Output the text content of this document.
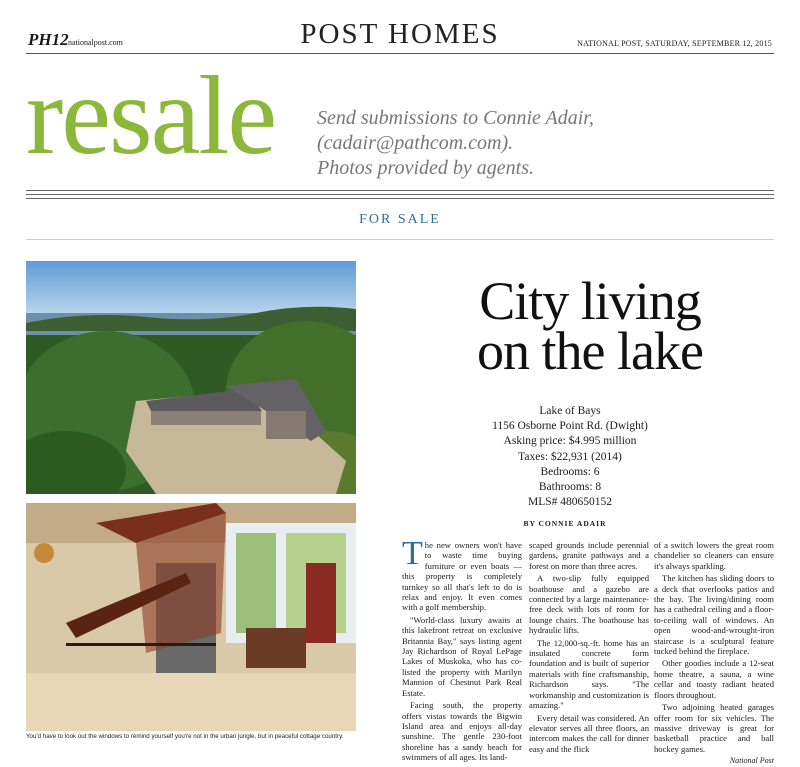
PH12 nationalpost.com	POST HOMES	NATIONAL POST, SATURDAY, SEPTEMBER 12, 2015
resale Send submissions to Connie Adair,
(cadair@pathcom.com).
Photos provided by agents.
FOR SALE
You'd have to look out the windows to remind yourself you're not in the urban jungle, but in peaceful cottage country.
City living
on the lake
Lake of Bays
1156 Osborne Point Rd. (Dwight)
Asking price: $4.995 million
Taxes: $22,931 (2014)
Bedrooms: 6
Bathrooms: 8
MLS# 480650152
BY CONNIE ADAIR

The new owners won't have to waste time buying furniture or even boats — this property is completely turnkey so all that's left to do is relax and enjoy. It even comes with a golf membership.

"World-class luxury awaits at this lakefront retreat on exclusive Britannia Bay," says listing agent Jay Richardson of Royal LePage Lakes of Muskoka, who has co-listed the property with Marilyn Mannion of Chestnut Park Real Estate.

Facing south, the property offers vistas towards the Bigwin Island area and enjoys all-day sunshine. The gentle 230-foot shoreline has a sandy beach for swimmers of all ages. Its land-

scaped grounds include perennial gardens, granite pathways and a forest on more than three acres.

A two-slip fully equipped boathouse and a gazebo are connected by a large maintenance-free deck with lots of room for lounge chairs. The boathouse has hydraulic lifts.

The 12,000-sq.-ft. home has an insulated concrete form foundation and is built of superior materials with fine craftsmanship, Richardson says. "The workmanship and customization is amazing."

Every detail was considered. An elevator serves all three floors, an intercom makes the call for dinner easy and the flick

of a switch lowers the great room chandelier so cleaners can ensure it's always sparkling.

The kitchen has sliding doors to a deck that overlooks patios and the bay. The living/dining room has a cathedral ceiling and a floor-to-ceiling wall of windows. An open wood-and-wrought-iron staircase is a sculptural feature tucked behind the fireplace.

Other goodies include a 12-seat home theatre, a sauna, a wine cellar and toasty radiant heated floors throughout.

Two adjoining heated garages offer room for six vehicles. The massive driveway is great for basketball practice and ball hockey games.

National Post
